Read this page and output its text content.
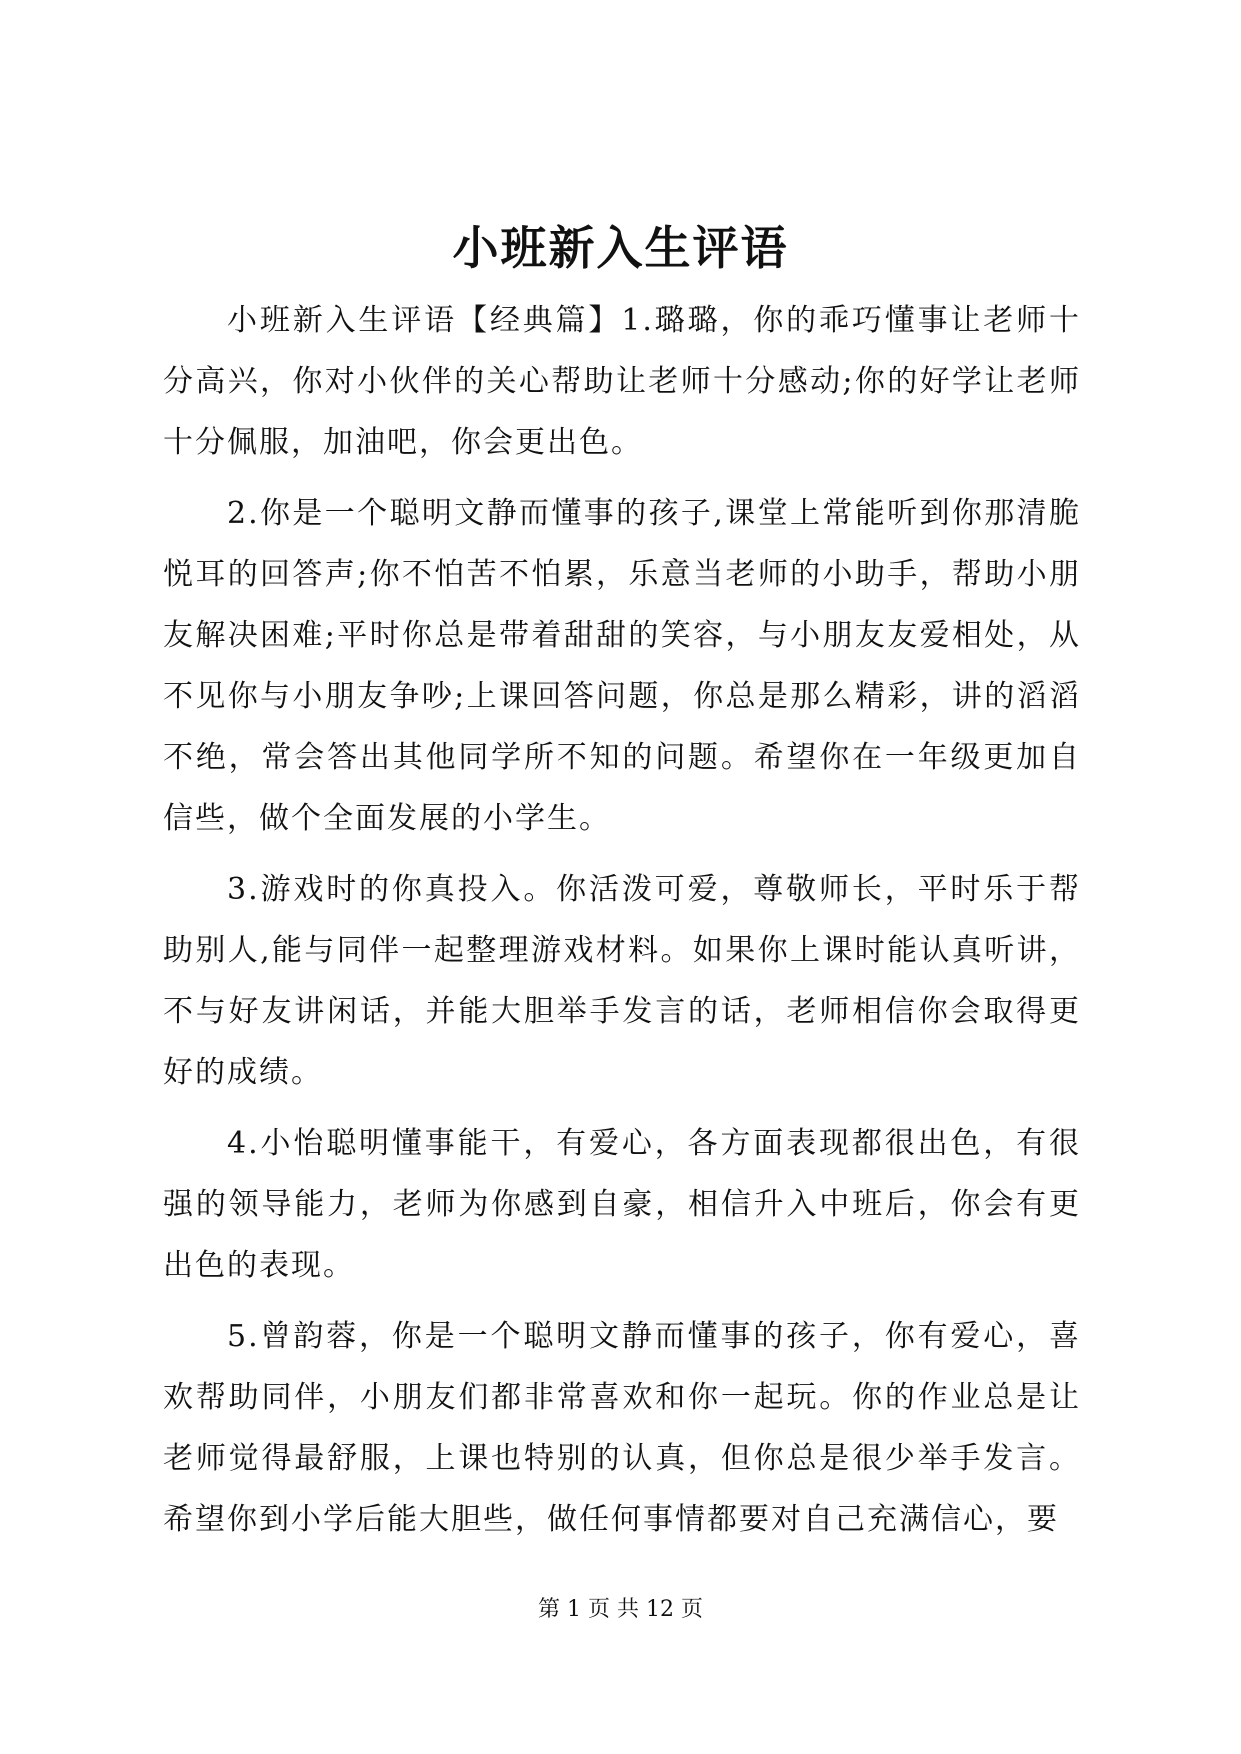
小班新入生评语

小班新入生评语【经典篇】1.璐璐，你的乖巧懂事让老师十分高兴，你对小伙伴的关心帮助让老师十分感动;你的好学让老师十分佩服，加油吧，你会更出色。

2.你是一个聪明文静而懂事的孩子,课堂上常能听到你那清脆悦耳的回答声;你不怕苦不怕累，乐意当老师的小助手，帮助小朋友解决困难;平时你总是带着甜甜的笑容，与小朋友友爱相处，从不见你与小朋友争吵;上课回答问题，你总是那么精彩，讲的滔滔不绝，常会答出其他同学所不知的问题。希望你在一年级更加自信些，做个全面发展的小学生。

3.游戏时的你真投入。你活泼可爱，尊敬师长，平时乐于帮助别人,能与同伴一起整理游戏材料。如果你上课时能认真听讲，不与好友讲闲话，并能大胆举手发言的话，老师相信你会取得更好的成绩。

4.小怡聪明懂事能干，有爱心，各方面表现都很出色，有很强的领导能力，老师为你感到自豪，相信升入中班后，你会有更出色的表现。

5.曾韵蓉，你是一个聪明文静而懂事的孩子，你有爱心，喜欢帮助同伴，小朋友们都非常喜欢和你一起玩。你的作业总是让老师觉得最舒服，上课也特别的认真，但你总是很少举手发言。希望你到小学后能大胆些，做任何事情都要对自己充满信心，要

第 1 页 共 12 页
